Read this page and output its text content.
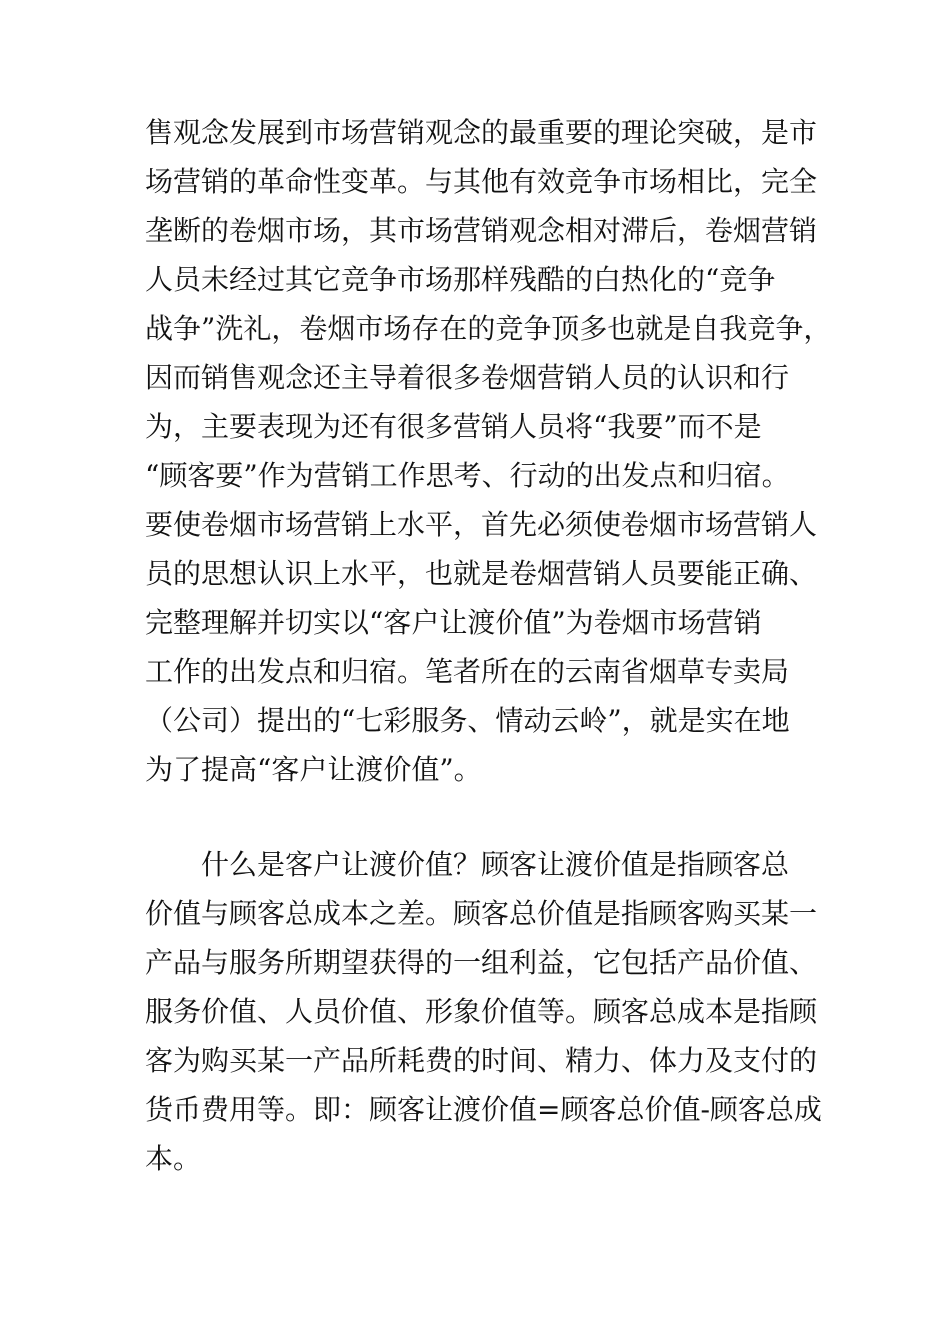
售观念发展到市场营销观念的最重要的理论突破，是市
场营销的革命性变革。与其他有效竞争市场相比，完全
垄断的卷烟市场，其市场营销观念相对滞后，卷烟营销
人员未经过其它竞争市场那样残酷的白热化的“竞争
战争”洗礼，卷烟市场存在的竞争顶多也就是自我竞争，
因而销售观念还主导着很多卷烟营销人员的认识和行
为，主要表现为还有很多营销人员将“我要”而不是
“顾客要”作为营销工作思考、行动的出发点和归宿。
要使卷烟市场营销上水平，首先必须使卷烟市场营销人
员的思想认识上水平，也就是卷烟营销人员要能正确、
完整理解并切实以“客户让渡价值”为卷烟市场营销
工作的出发点和归宿。笔者所在的云南省烟草专卖局
（公司）提出的“七彩服务、情动云岭”，就是实在地
为了提高“客户让渡价值”。
　　什么是客户让渡价值？顾客让渡价值是指顾客总
价值与顾客总成本之差。顾客总价值是指顾客购买某一
产品与服务所期望获得的一组利益，它包括产品价值、
服务价值、人员价值、形象价值等。顾客总成本是指顾
客为购买某一产品所耗费的时间、精力、体力及支付的
货币费用等。即：顾客让渡价值=顾客总价值-顾客总成
本。
